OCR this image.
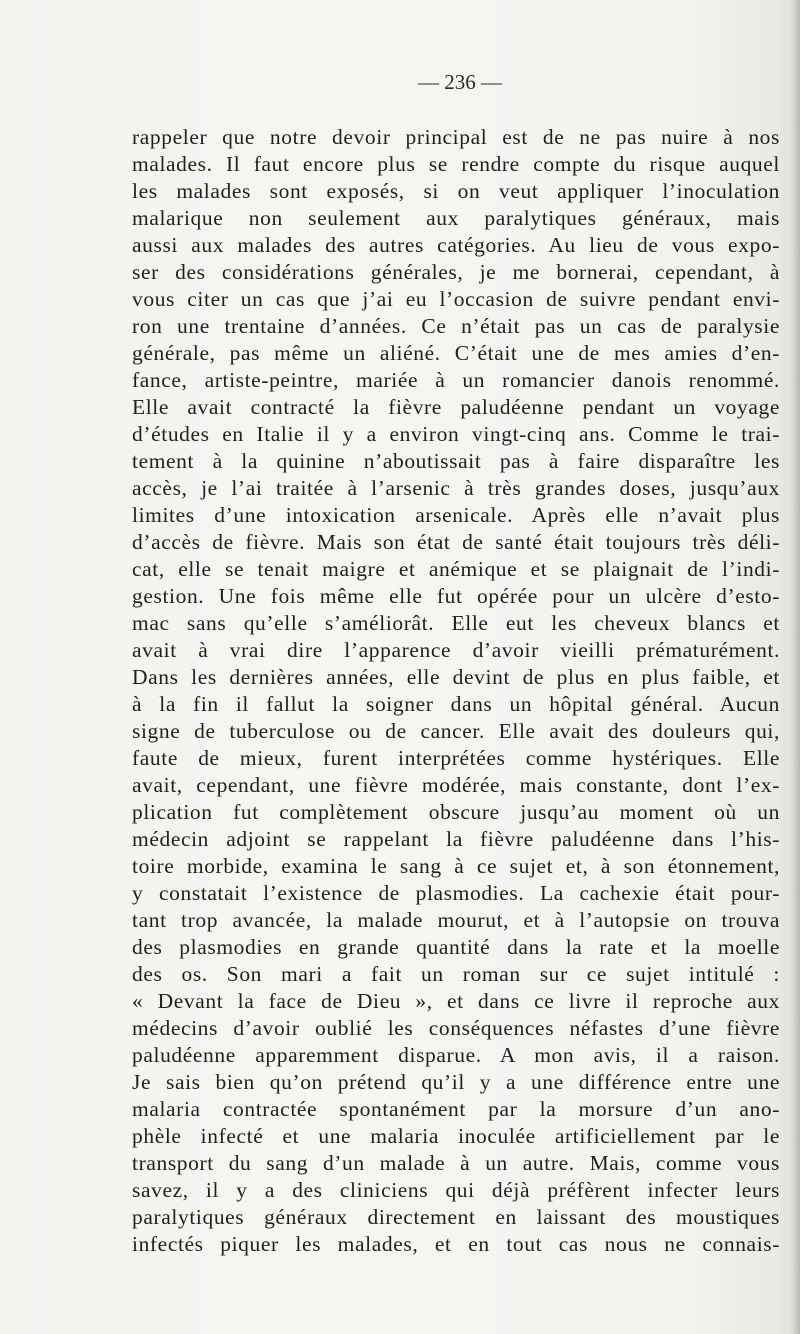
— 236 —
rappeler que notre devoir principal est de ne pas nuire à nos
malades. Il faut encore plus se rendre compte du risque auquel
les malades sont exposés, si on veut appliquer l’inoculation
malarique non seulement aux paralytiques généraux, mais
aussi aux malades des autres catégories. Au lieu de vous expo-
ser des considérations générales, je me bornerai, cependant, à
vous citer un cas que j’ai eu l’occasion de suivre pendant envi-
ron une trentaine d’années. Ce n’était pas un cas de paralysie
générale, pas même un aliéné. C’était une de mes amies d’en-
fance, artiste-peintre, mariée à un romancier danois renommé.
Elle avait contracté la fièvre paludéenne pendant un voyage
d’études en Italie il y a environ vingt-cinq ans. Comme le trai-
tement à la quinine n’aboutissait pas à faire disparaître les
accès, je l’ai traitée à l’arsenic à très grandes doses, jusqu’aux
limites d’une intoxication arsenicale. Après elle n’avait plus
d’accès de fièvre. Mais son état de santé était toujours très déli-
cat, elle se tenait maigre et anémique et se plaignait de l’indi-
gestion. Une fois même elle fut opérée pour un ulcère d’esto-
mac sans qu’elle s’améliorât. Elle eut les cheveux blancs et
avait à vrai dire l’apparence d’avoir vieilli prématurément.
Dans les dernières années, elle devint de plus en plus faible, et
à la fin il fallut la soigner dans un hôpital général. Aucun
signe de tuberculose ou de cancer. Elle avait des douleurs qui,
faute de mieux, furent interprétées comme hystériques. Elle
avait, cependant, une fièvre modérée, mais constante, dont l’ex-
plication fut complètement obscure jusqu’au moment où un
médecin adjoint se rappelant la fièvre paludéenne dans l’his-
toire morbide, examina le sang à ce sujet et, à son étonnement,
y constatait l’existence de plasmodies. La cachexie était pour-
tant trop avancée, la malade mourut, et à l’autopsie on trouva
des plasmodies en grande quantité dans la rate et la moelle
des os. Son mari a fait un roman sur ce sujet intitulé :
« Devant la face de Dieu », et dans ce livre il reproche aux
médecins d’avoir oublié les conséquences néfastes d’une fièvre
paludéenne apparemment disparue. A mon avis, il a raison.
Je sais bien qu’on prétend qu’il y a une différence entre une
malaria contractée spontanément par la morsure d’un ano-
phèle infecté et une malaria inoculée artificiellement par le
transport du sang d’un malade à un autre. Mais, comme vous
savez, il y a des cliniciens qui déjà préfèrent infecter leurs
paralytiques généraux directement en laissant des moustiques
infectés piquer les malades, et en tout cas nous ne connais-
